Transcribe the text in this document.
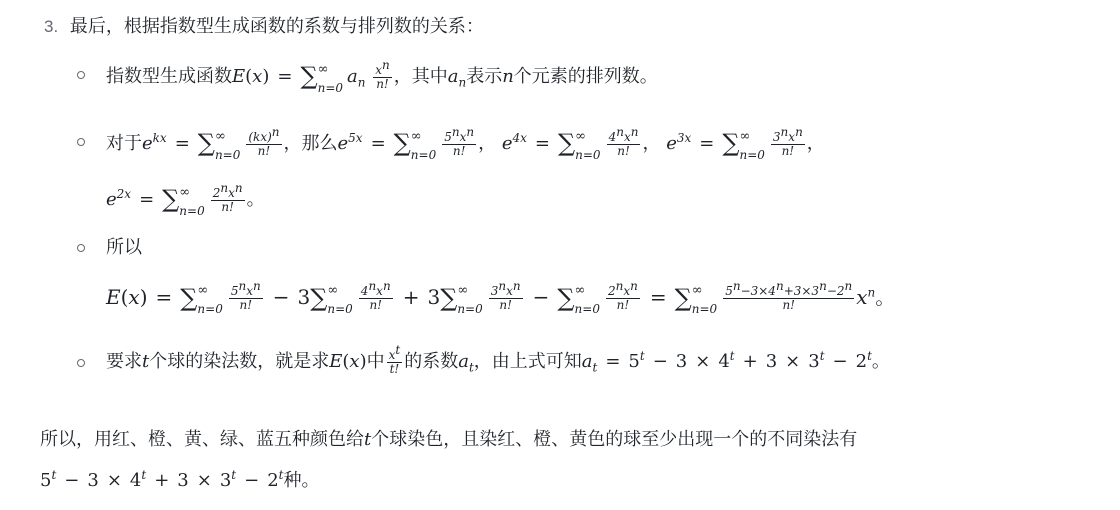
3. 最后，根据指数型生成函数的系数与排列数的关系：
指数型生成函数E(x) = ∑ ∞
n=0
$a_n \frac{x^n}{n!}$ ，其中$a_n$表示n个元素的排列数。
对于$e^{kx}$ = ∑ ∞
$n=0 \frac{(kx)^n}{n!}$ ，那么$e^{5x}$ = ∑ ∞
$n=0 \frac{5^nx^n}{n!}$ ， $e^{4x}$ = ∑ ∞
$n=0 \frac{4^nx^n}{n!}$ ， $e^{3x}$ = ∑ ∞
$n=0 \frac{3^nx^n}{n!}$ ，
$e^{2x}$ = ∑ ∞
$n=0 \frac{2^nx^n}{n!}$ 。
所以
E(x) = ∑ ∞
$n=0 \frac{5^nx^n}{n!} - 3\sum$ ∞
$n=0 \frac{4^nx^n}{n!} + 3\sum$ ∞
$n=0 \frac{3^nx^n}{n!}$ − ∑ ∞
$n=0 \frac{2^nx^n}{n!}$ = ∑ ∞
$n=0 \frac{5^n-3\times 4^n+3\times 3^n-2^n}{n!} x^n$。
要求t个球的染法数，就是求E(x)中 $\frac{x^t}{t!}$ 的系数$a_t$，由上式可知$a_t = 5^t - 3 \times 4^t + 3 \times 3^t - 2^t$。
所以，用红、橙、黄、绿、蓝五种颜色给t个球染色，且染红、橙、黄色的球至少出现一个的不同染法有
$5^t - 3 \times 4^t + 3 \times 3^t - 2^t$种。
